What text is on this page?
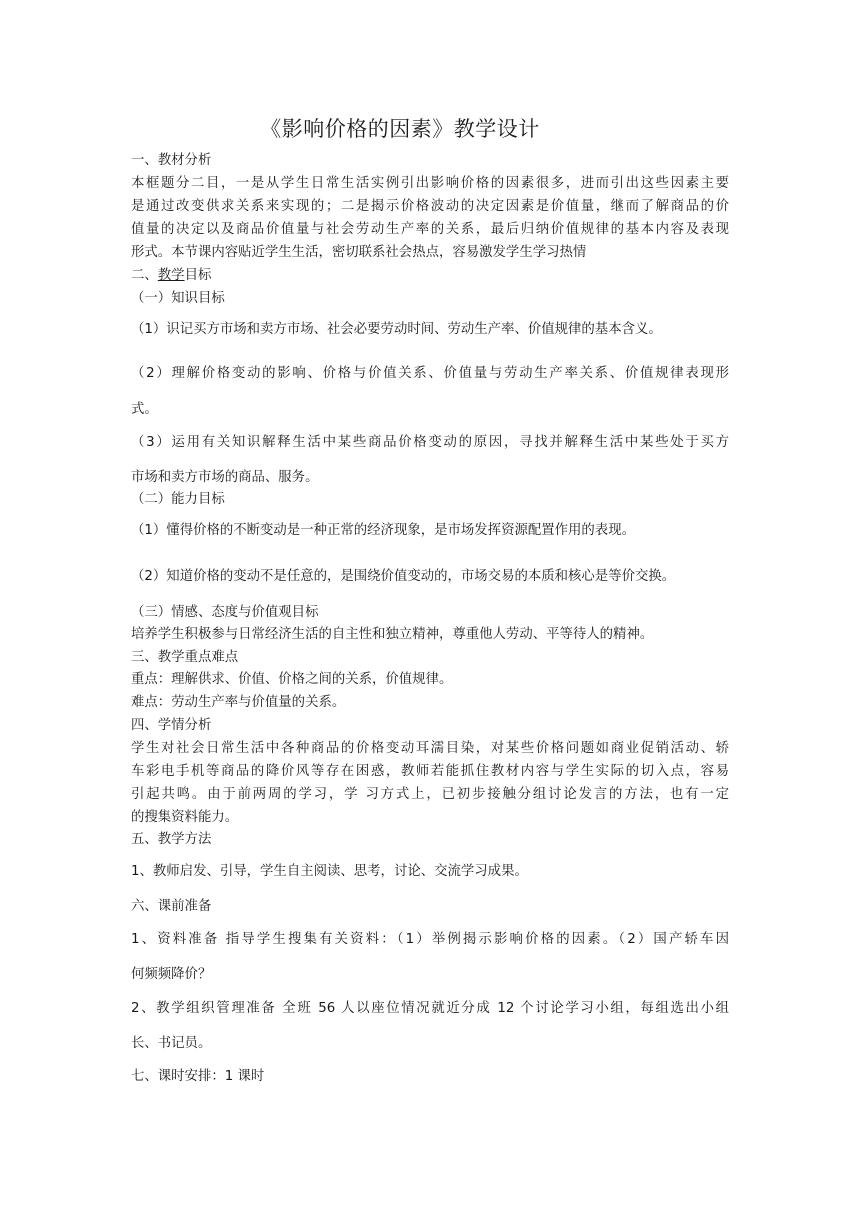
《影响价格的因素》教学设计
一、教材分析
本框题分二目，一是从学生日常生活实例引出影响价格的因素很多，进而引出这些因素主要
是通过改变供求关系来实现的；二是揭示价格波动的决定因素是价值量，继而了解商品的价
值量的决定以及商品价值量与社会劳动生产率的关系，最后归纳价值规律的基本内容及表现
形式。本节课内容贴近学生生活，密切联系社会热点，容易激发学生学习热情
二、教学目标
（一）知识目标
（1）识记买方市场和卖方市场、社会必要劳动时间、劳动生产率、价值规律的基本含义。
（2）理解价格变动的影响、价格与价值关系、价值量与劳动生产率关系、价值规律表现形
式。
（3）运用有关知识解释生活中某些商品价格变动的原因，寻找并解释生活中某些处于买方
市场和卖方市场的商品、服务。
（二）能力目标
（1）懂得价格的不断变动是一种正常的经济现象，是市场发挥资源配置作用的表现。
（2）知道价格的变动不是任意的，是围绕价值变动的，市场交易的本质和核心是等价交换。
（三）情感、态度与价值观目标
培养学生积极参与日常经济生活的自主性和独立精神，尊重他人劳动、平等待人的精神。
三、教学重点难点
重点：理解供求、价值、价格之间的关系，价值规律。
难点：劳动生产率与价值量的关系。
四、学情分析
学生对社会日常生活中各种商品的价格变动耳濡目染，对某些价格问题如商业促销活动、轿
车彩电手机等商品的降价风等存在困惑，教师若能抓住教材内容与学生实际的切入点，容易
引起共鸣。由于前两周的学习，学 习方式上，已初步接触分组讨论发言的方法，也有一定
的搜集资料能力。
五、教学方法
1、教师启发、引导，学生自主阅读、思考，讨论、交流学习成果。
六、课前准备
1、资料准备 指导学生搜集有关资料：（1）举例揭示影响价格的因素。（2）国产轿车因
何频频降价？
2、教学组织管理准备 全班 56 人以座位情况就近分成 12 个讨论学习小组，每组选出小组
长、书记员。
七、课时安排：1 课时
